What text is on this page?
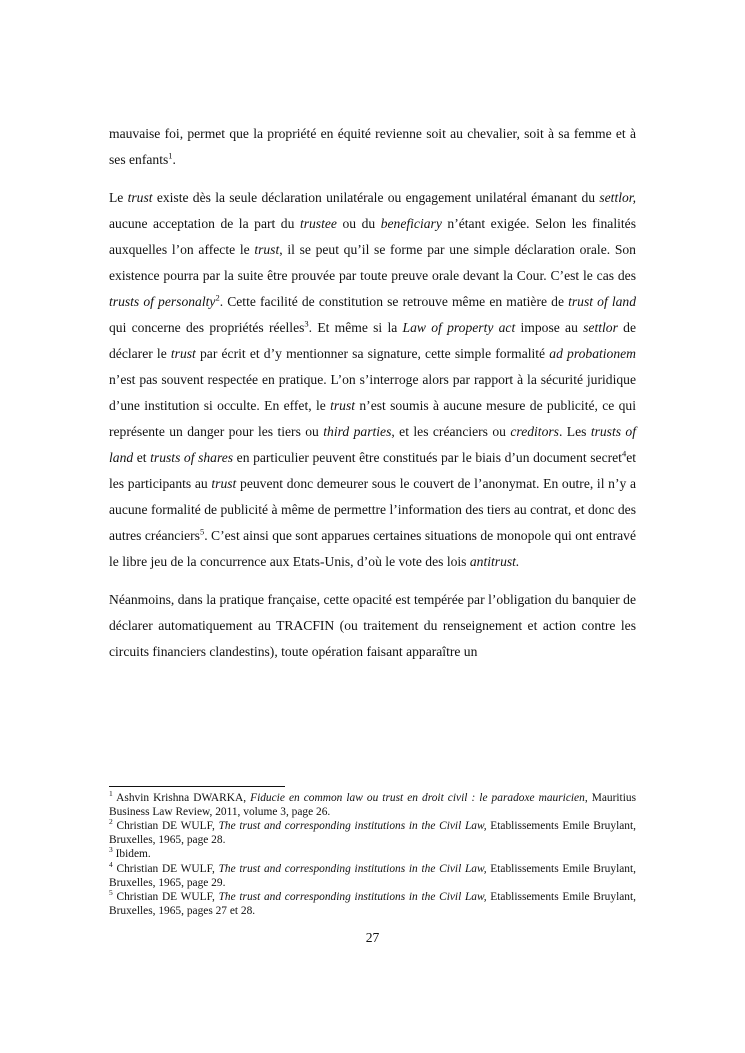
mauvaise foi, permet que la propriété en équité revienne soit au chevalier, soit à sa femme et à ses enfants$^1$.

Le trust existe dès la seule déclaration unilatérale ou engagement unilatéral émanant du settlor, aucune acceptation de la part du trustee ou du beneficiary n’étant exigée. Selon les finalités auxquelles l’on affecte le trust, il se peut qu’il se forme par une simple déclaration orale. Son existence pourra par la suite être prouvée par toute preuve orale devant la Cour. C’est le cas des trusts of personalty$^2$. Cette facilité de constitution se retrouve même en matière de trust of land qui concerne des propriétés réelles$^3$. Et même si la Law of property act impose au settlor de déclarer le trust par écrit et d’y mentionner sa signature, cette simple formalité ad probationem n’est pas souvent respectée en pratique. L’on s’interroge alors par rapport à la sécurité juridique d’une institution si occulte. En effet, le trust n’est soumis à aucune mesure de publicité, ce qui représente un danger pour les tiers ou third parties, et les créanciers ou creditors. Les trusts of land et trusts of shares en particulier peuvent être constitués par le biais d’un document secret$^4$et les participants au trust peuvent donc demeurer sous le couvert de l’anonymat. En outre, il n’y a aucune formalité de publicité à même de permettre l’information des tiers au contrat, et donc des autres créanciers$^5$. C’est ainsi que sont apparues certaines situations de monopole qui ont entravé le libre jeu de la concurrence aux Etats-Unis, d’où le vote des lois antitrust.

Néanmoins, dans la pratique française, cette opacité est tempérée par l’obligation du banquier de déclarer automatiquement au TRACFIN (ou traitement du renseignement et action contre les circuits financiers clandestins), toute opération faisant apparaître un

$^1$ Ashvin Krishna DWARKA, Fiducie en common law ou trust en droit civil : le paradoxe mauricien, Mauritius Business Law Review, 2011, volume 3, page 26.
$^2$ Christian DE WULF, The trust and corresponding institutions in the Civil Law, Etablissements Emile Bruylant, Bruxelles, 1965, page 28.
$^3$ Ibidem.
$^4$ Christian DE WULF, The trust and corresponding institutions in the Civil Law, Etablissements Emile Bruylant, Bruxelles, 1965, page 29.
$^5$ Christian DE WULF, The trust and corresponding institutions in the Civil Law, Etablissements Emile Bruylant, Bruxelles, 1965, pages 27 et 28.
27
